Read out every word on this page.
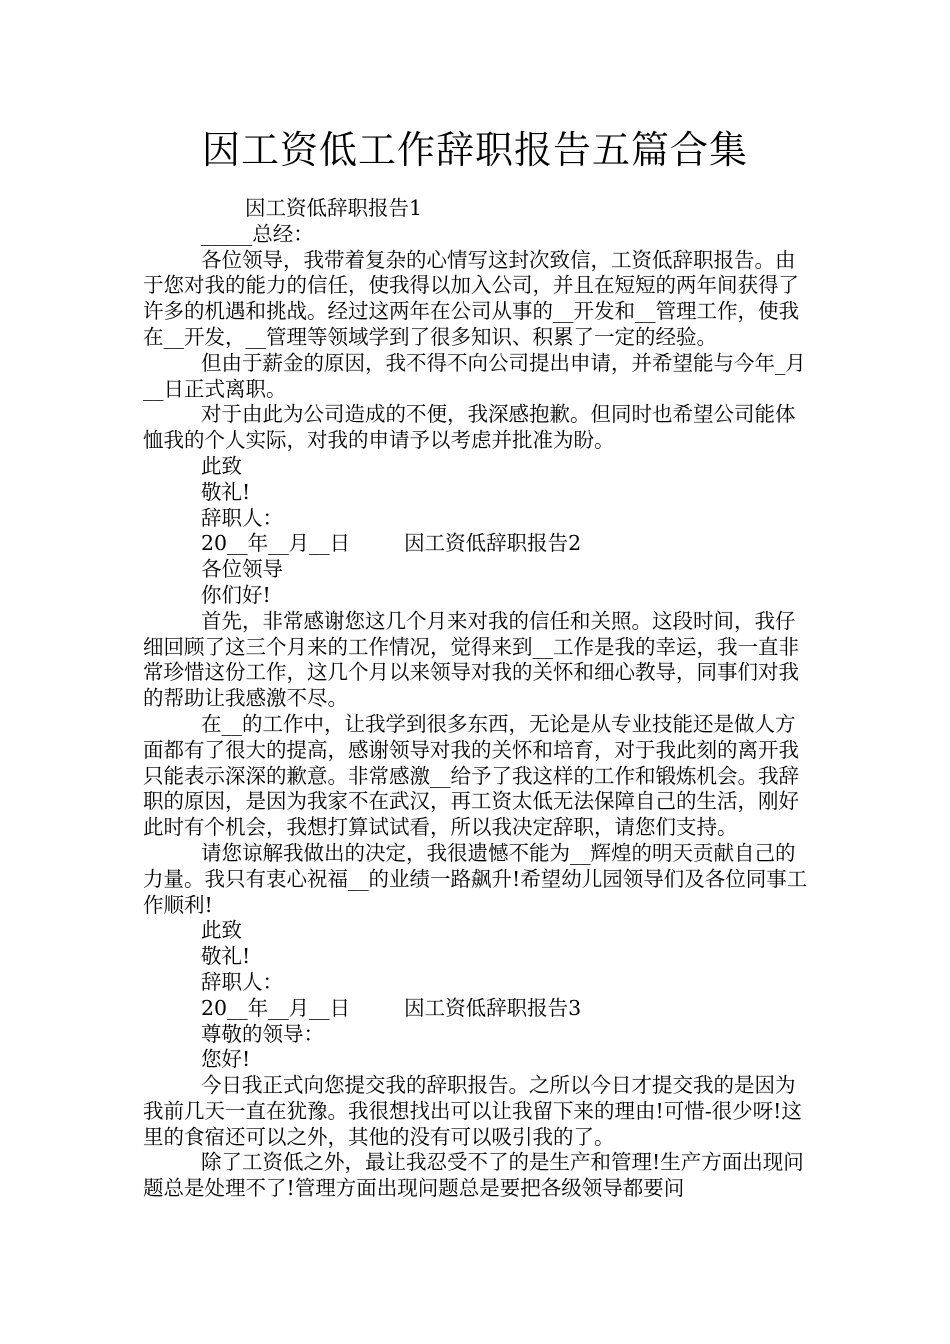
因工资低工作辞职报告五篇合集

因工资低辞职报告1

_____总经：

各位领导，我带着复杂的心情写这封次致信，工资低辞职报告。由于您对我的能力的信任，使我得以加入公司，并且在短短的两年间获得了许多的机遇和挑战。经过这两年在公司从事的__开发和__管理工作，使我在__开发，__管理等领域学到了很多知识、积累了一定的经验。

但由于薪金的原因，我不得不向公司提出申请，并希望能与今年_月__日正式离职。

对于由此为公司造成的不便，我深感抱歉。但同时也希望公司能体恤我的个人实际，对我的申请予以考虑并批准为盼。

此致

敬礼!

辞职人：

20__年__月__日	因工资低辞职报告2

各位领导

你们好!

首先，非常感谢您这几个月来对我的信任和关照。这段时间，我仔细回顾了这三个月来的工作情况，觉得来到__工作是我的幸运，我一直非常珍惜这份工作，这几个月以来领导对我的关怀和细心教导，同事们对我的帮助让我感激不尽。

在__的工作中，让我学到很多东西，无论是从专业技能还是做人方面都有了很大的提高，感谢领导对我的关怀和培育，对于我此刻的离开我只能表示深深的歉意。非常感激__给予了我这样的工作和锻炼机会。我辞职的原因，是因为我家不在武汉，再工资太低无法保障自己的生活，刚好此时有个机会，我想打算试试看，所以我决定辞职，请您们支持。

请您谅解我做出的决定，我很遗憾不能为__辉煌的明天贡献自己的力量。我只有衷心祝福__的业绩一路飙升!希望幼儿园领导们及各位同事工作顺利!

此致

敬礼!

辞职人：

20__年__月__日	因工资低辞职报告3

尊敬的领导：

您好!

今日我正式向您提交我的辞职报告。之所以今日才提交我的是因为我前几天一直在犹豫。我很想找出可以让我留下来的理由!可惜-很少呀!这里的食宿还可以之外，其他的没有可以吸引我的了。

除了工资低之外，最让我忍受不了的是生产和管理!生产方面出现问题总是处理不了!管理方面出现问题总是要把各级领导都要问
